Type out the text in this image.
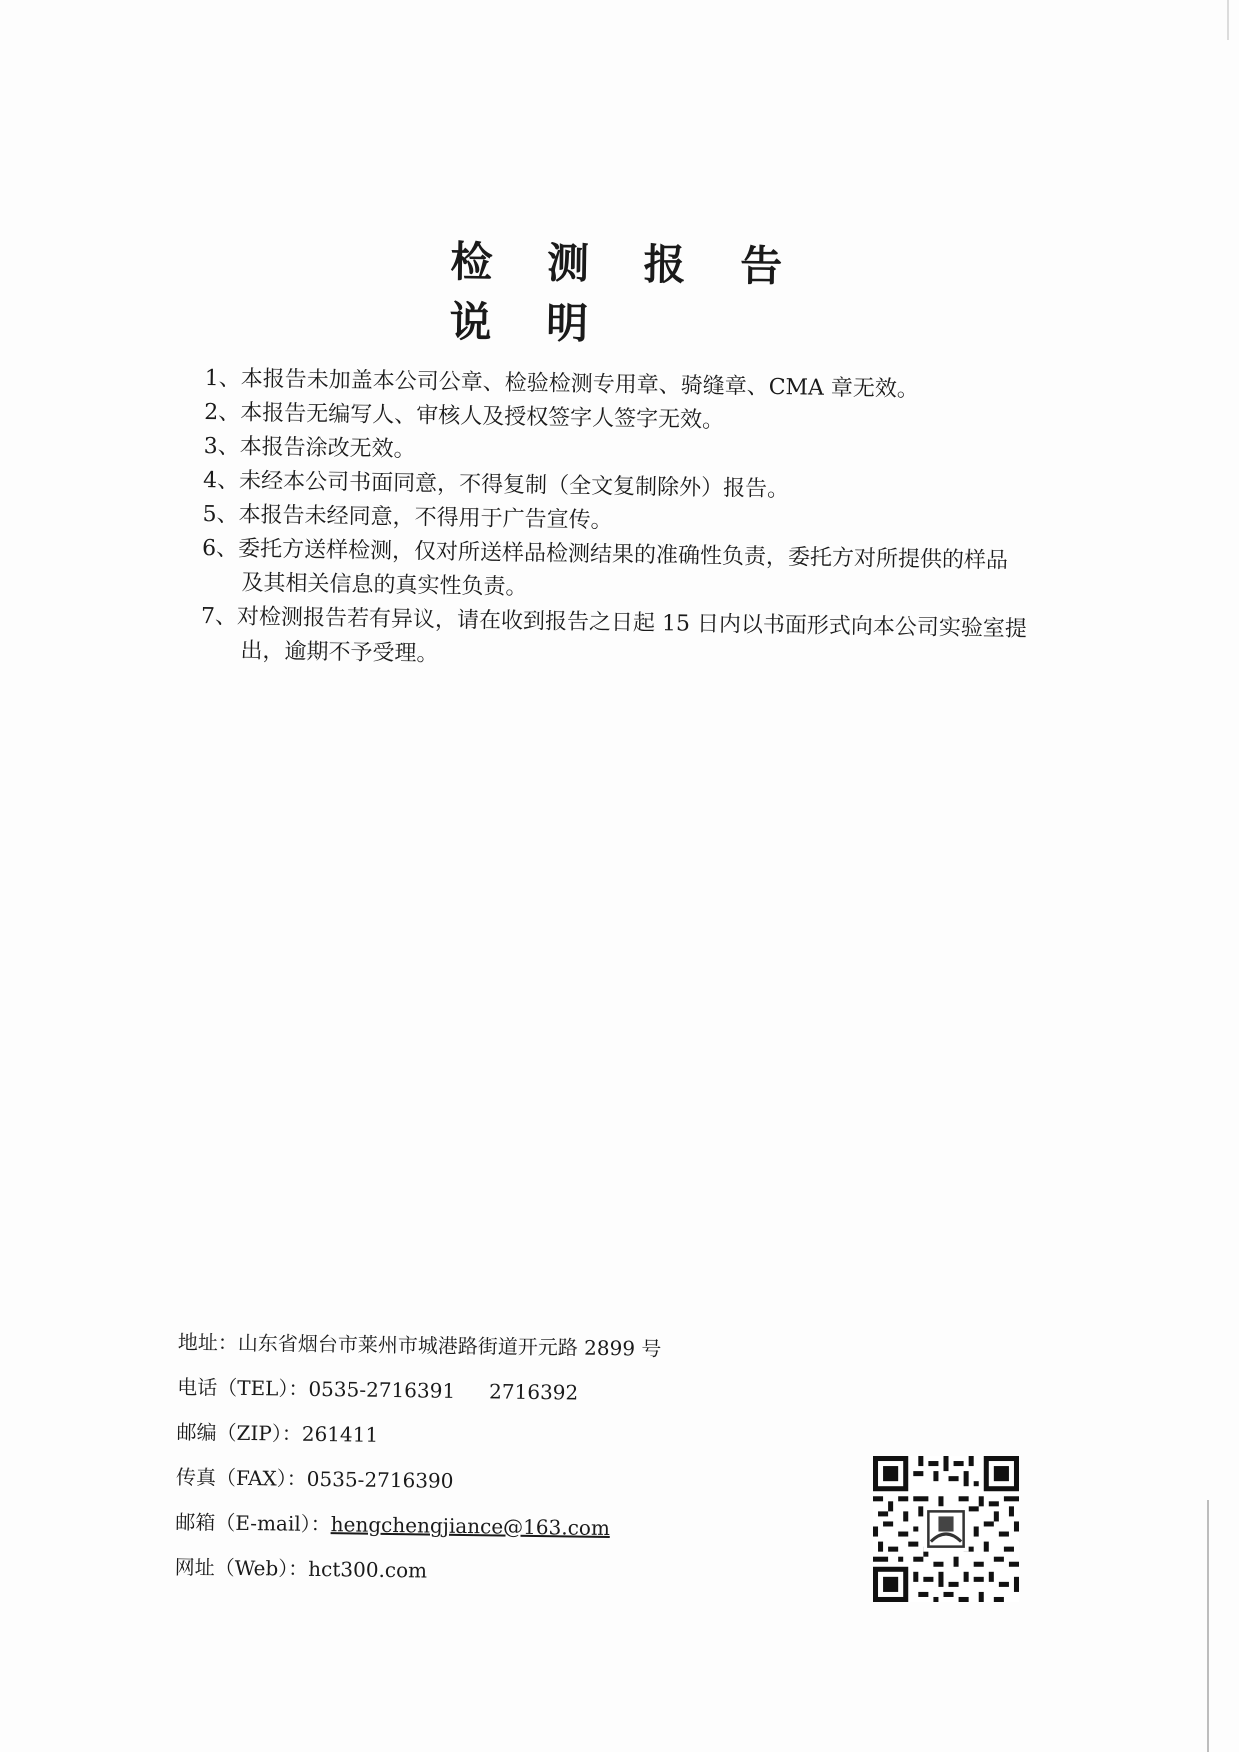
检 测 报 告 说 明

1、本报告未加盖本公司公章、检验检测专用章、骑缝章、CMA 章无效。

2、本报告无编写人、审核人及授权签字人签字无效。

3、本报告涂改无效。

4、未经本公司书面同意，不得复制（全文复制除外）报告。

5、本报告未经同意，不得用于广告宣传。

6、委托方送样检测，仅对所送样品检测结果的准确性负责，委托方对所提供的样品

及其相关信息的真实性负责。

7、对检测报告若有异议，请在收到报告之日起 15 日内以书面形式向本公司实验室提

出，逾期不予受理。

地址：山东省烟台市莱州市城港路街道开元路 2899 号
电话（TEL）：0535-2716391 2716392
邮编（ZIP）：261411
传真（FAX）：0535-2716390
邮箱（E-mail）：hengchengjiance@163.com
网址（Web）：hct300.com
